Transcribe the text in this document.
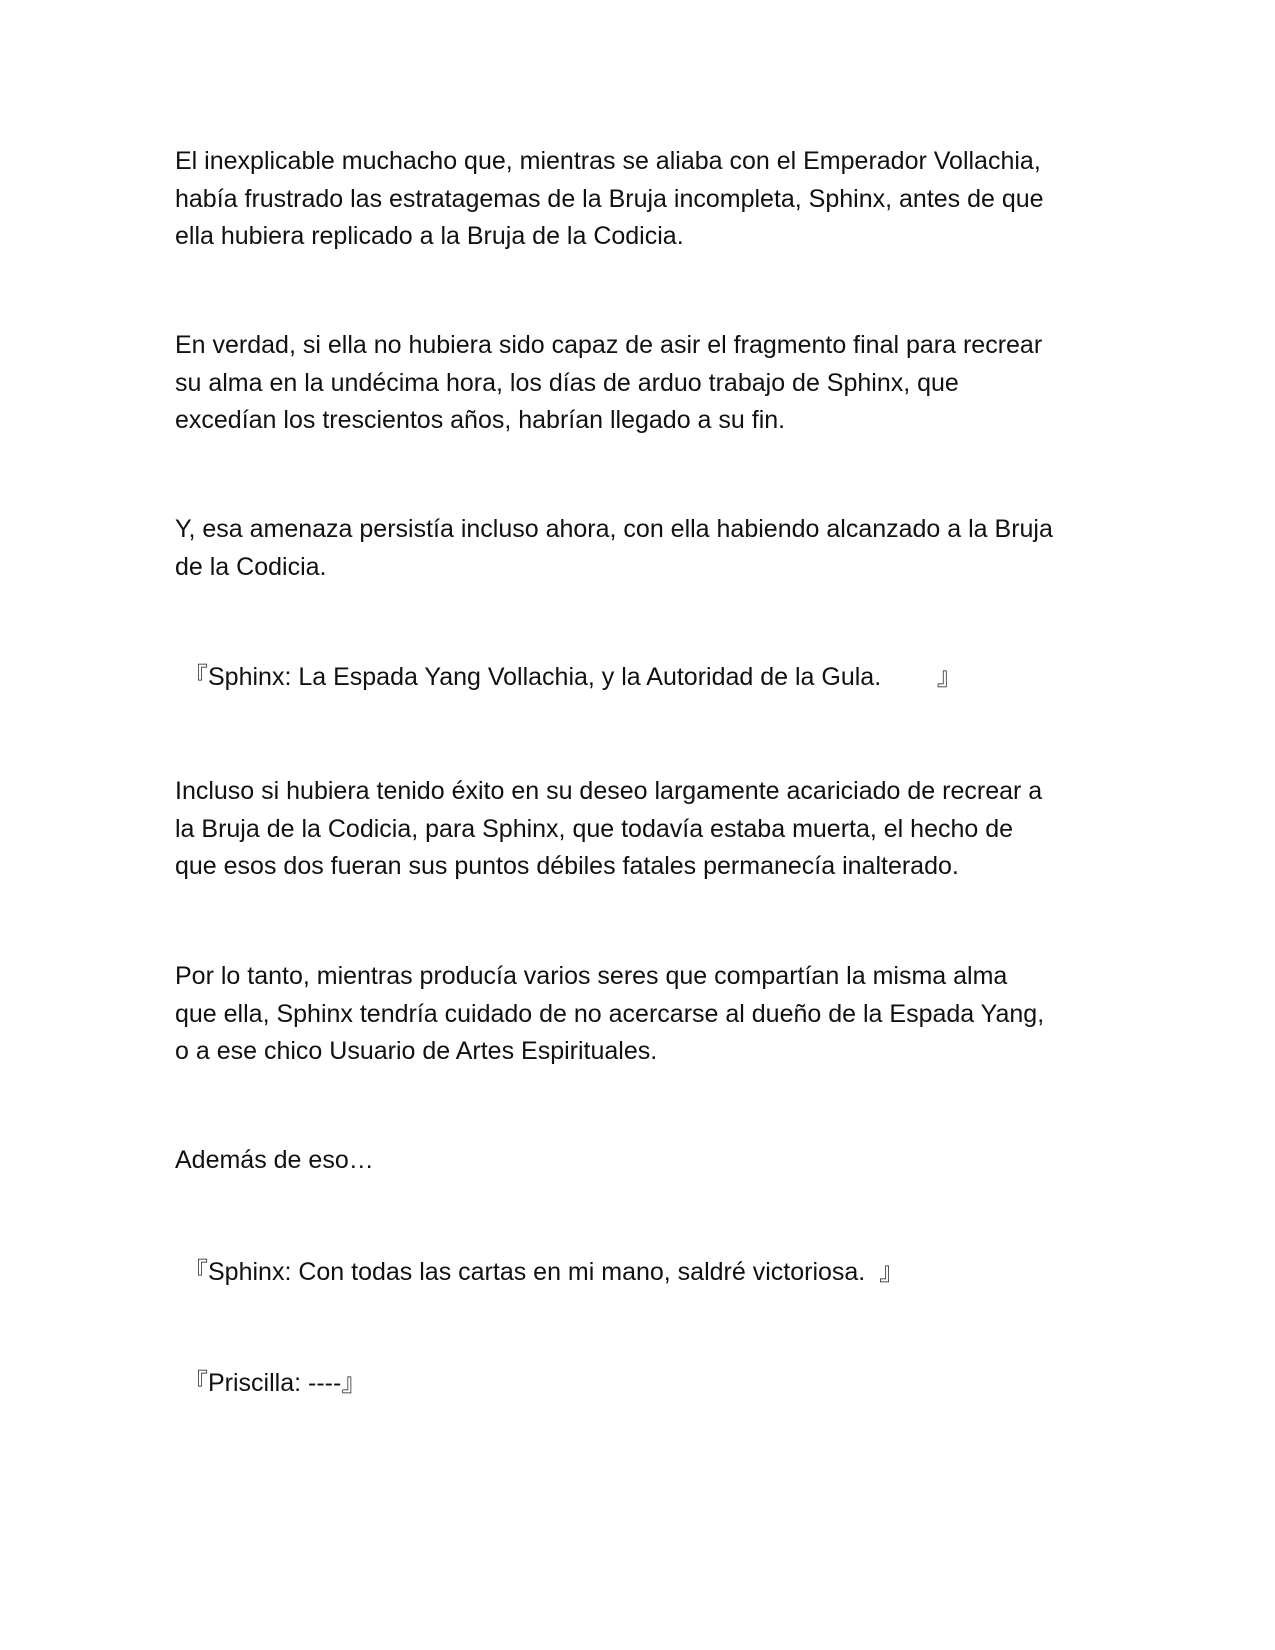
El inexplicable muchacho que, mientras se aliaba con el Emperador Vollachia,
había frustrado las estratagemas de la Bruja incompleta, Sphinx, antes de que
ella hubiera replicado a la Bruja de la Codicia.

En verdad, si ella no hubiera sido capaz de asir el fragmento final para recrear
su alma en la undécima hora, los días de arduo trabajo de Sphinx, que
excedían los trescientos años, habrían llegado a su fin.

Y, esa amenaza persistía incluso ahora, con ella habiendo alcanzado a la Bruja
de la Codicia.

『Sphinx: La Espada Yang Vollachia, y la Autoridad de la Gula.        』

Incluso si hubiera tenido éxito en su deseo largamente acariciado de recrear a
la Bruja de la Codicia, para Sphinx, que todavía estaba muerta, el hecho de
que esos dos fueran sus puntos débiles fatales permanecía inalterado.

Por lo tanto, mientras producía varios seres que compartían la misma alma
que ella, Sphinx tendría cuidado de no acercarse al dueño de la Espada Yang,
o a ese chico Usuario de Artes Espirituales.

Además de eso…

『Sphinx: Con todas las cartas en mi mano, saldré victoriosa.  』

『Priscilla: ----』
